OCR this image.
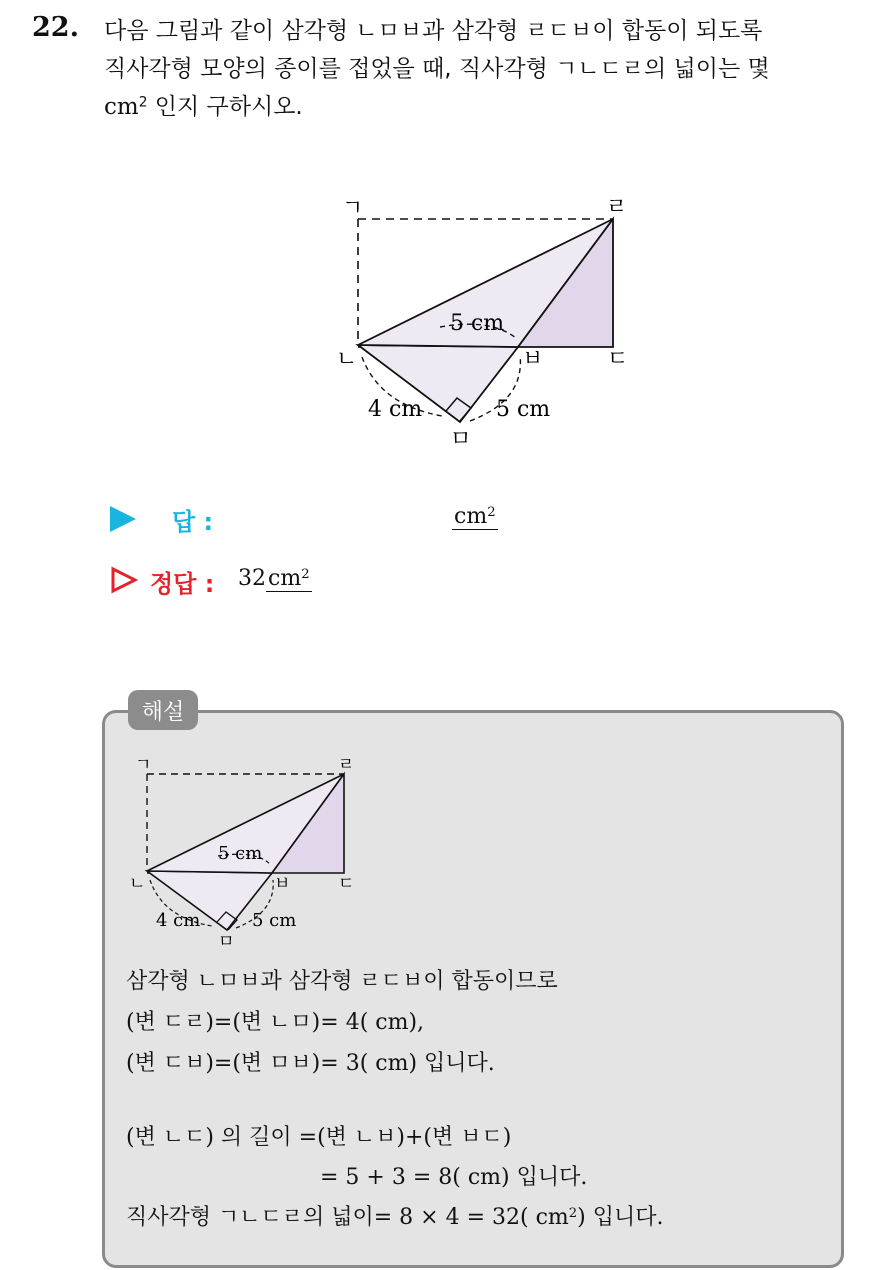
22. 다음 그림과 같이 삼각형 ㄴㅁㅂ과 삼각형 ㄹㄷㅂ이 합동이 되도록
직사각형 모양의 종이를 접었을 때, 직사각형 ㄱㄴㄷㄹ의 넓이는 몇
$cm^2$ 인지 구하시오.
ㄱ	ㄹ
ㄴ	ㅂ	ㄷ
ㅁ
5 cm
4 cm	5 cm
답 :	$cm^2$
정답 : $32cm^2$
해설
ㄱ	ㄹ
ㄴ	ㅂ	ㄷ
ㅁ
5 cm
4 cm	5 cm
삼각형 ㄴㅁㅂ과 삼각형 ㄹㄷㅂ이 합동이므로
(변 ㄷㄹ)=(변 ㄴㅁ)= 4( cm),
(변 ㄷㅂ)=(변 ㅁㅂ)= 3( cm) 입니다.
(변 ㄴㄷ) 의 길이 =(변 ㄴㅂ)+(변 ㅂㄷ)
= 5 + 3 = 8( cm) 입니다.
직사각형 ㄱㄴㄷㄹ의 넓이= 8 × 4 = 32( $cm^2$) 입니다.
